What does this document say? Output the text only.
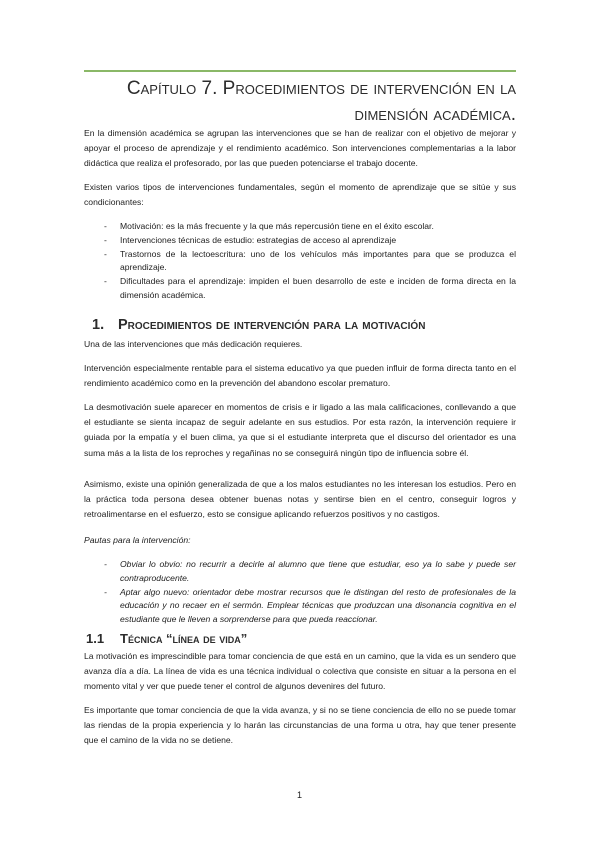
Capítulo 7. Procedimientos de intervención en la
dimensión académica.

En la dimensión académica se agrupan las intervenciones que se han de realizar con el objetivo de mejorar y apoyar el proceso de aprendizaje y el rendimiento académico. Son intervenciones complementarias a la labor didáctica que realiza el profesorado, por las que pueden potenciarse el trabajo docente.

Existen varios tipos de intervenciones fundamentales, según el momento de aprendizaje que se sitúe y sus condicionantes:

- Motivación: es la más frecuente y la que más repercusión tiene en el éxito escolar.
- Intervenciones técnicas de estudio: estrategias de acceso al aprendizaje
- Trastornos de la lectoescritura: uno de los vehículos más importantes para que se produzca el aprendizaje.
- Dificultades para el aprendizaje: impiden el buen desarrollo de este e inciden de forma directa en la dimensión académica.
1. Procedimientos de intervención para la motivación

Una de las intervenciones que más dedicación requieres.

Intervención especialmente rentable para el sistema educativo ya que pueden influir de forma directa tanto en el rendimiento académico como en la prevención del abandono escolar prematuro.

La desmotivación suele aparecer en momentos de crisis e ir ligado a las mala calificaciones, conllevando a que el estudiante se sienta incapaz de seguir adelante en sus estudios. Por esta razón, la intervención requiere ir guiada por la empatía y el buen clima, ya que si el estudiante interpreta que el discurso del orientador es una suma más a la lista de los reproches y regañinas no se conseguirá ningún tipo de influencia sobre él.

Asimismo, existe una opinión generalizada de que a los malos estudiantes no les interesan los estudios. Pero en la práctica toda persona desea obtener buenas notas y sentirse bien en el centro, conseguir logros y retroalimentarse en el esfuerzo, esto se consigue aplicando refuerzos positivos y no castigos.

Pautas para la intervención:

- Obviar lo obvio: no recurrir a decirle al alumno que tiene que estudiar, eso ya lo sabe y puede ser contraproducente.
- Aptar algo nuevo: orientador debe mostrar recursos que le distingan del resto de profesionales de la educación y no recaer en el sermón. Emplear técnicas que produzcan una disonancia cognitiva en el estudiante que le lleven a sorprenderse para que pueda reaccionar.
1.1 Técnica “línea de vida”

La motivación es imprescindible para tomar conciencia de que está en un camino, que la vida es un sendero que avanza día a día. La línea de vida es una técnica individual o colectiva que consiste en situar a la persona en el momento vital y ver que puede tener el control de algunos devenires del futuro.

Es importante que tomar conciencia de que la vida avanza, y si no se tiene conciencia de ello no se puede tomar las riendas de la propia experiencia y lo harán las circunstancias de una forma u otra, hay que tener presente que el camino de la vida no se detiene.

1
